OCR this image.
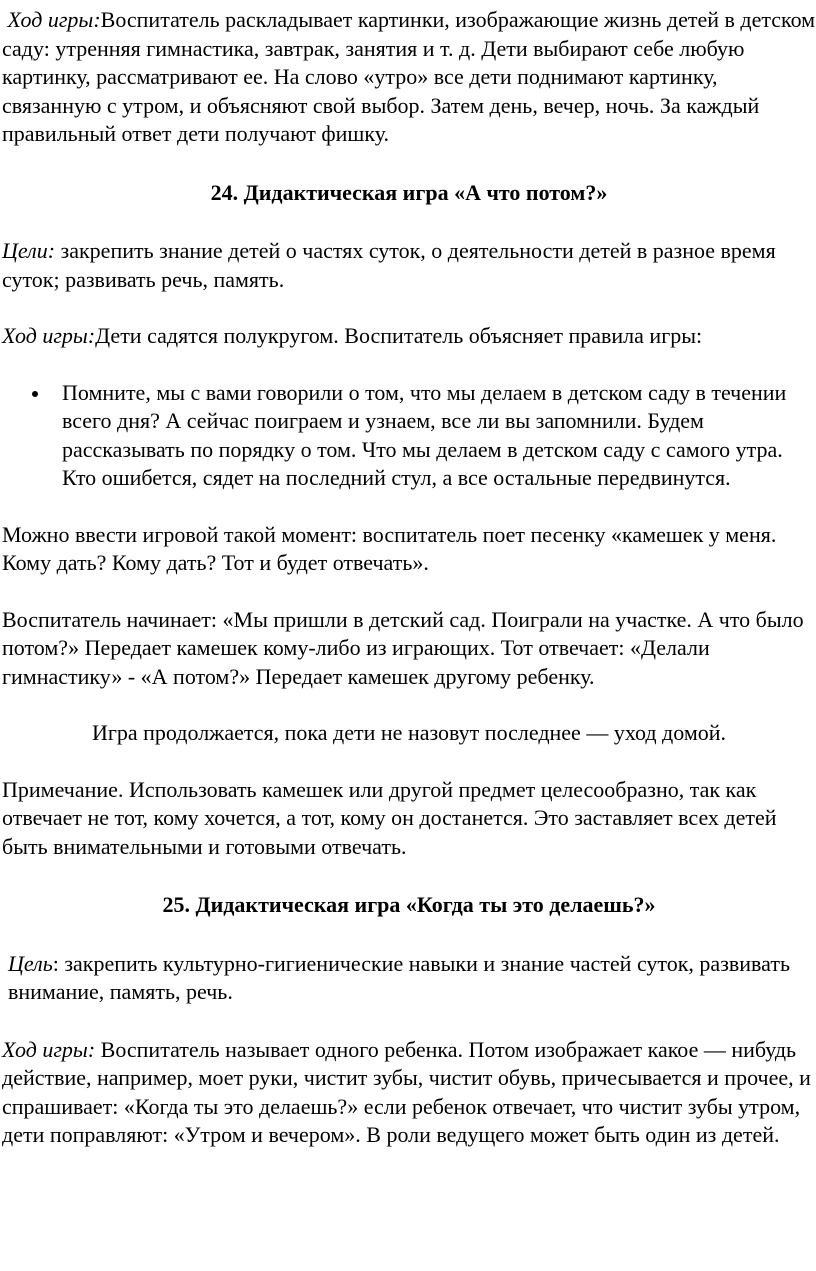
Ход игры:Воспитатель раскладывает картинки, изображающие жизнь детей в детском саду: утренняя гимнастика, завтрак, занятия и т. д. Дети выбирают себе любую картинку, рассматривают ее. На слово «утро» все дети поднимают картинку, связанную с утром, и объясняют свой выбор. Затем день, вечер, ночь. За каждый правильный ответ дети получают фишку.

24. Дидактическая игра «А что потом?»

Цели: закрепить знание детей о частях суток, о деятельности детей в разное время суток; развивать речь, память.

Ход игры:Дети садятся полукругом. Воспитатель объясняет правила игры:

Помните, мы с вами говорили о том, что мы делаем в детском саду в течении всего дня? А сейчас поиграем и узнаем, все ли вы запомнили. Будем рассказывать по порядку о том. Что мы делаем в детском саду с самого утра. Кто ошибется, сядет на последний стул, а все остальные передвинутся.

Можно ввести игровой такой момент: воспитатель поет песенку «камешек у меня. Кому дать? Кому дать? Тот и будет отвечать».

Воспитатель начинает: «Мы пришли в детский сад. Поиграли на участке. А что было потом?» Передает камешек кому-либо из играющих. Тот отвечает: «Делали гимнастику» - «А потом?» Передает камешек другому ребенку.

Игра продолжается, пока дети не назовут последнее — уход домой.

Примечание. Использовать камешек или другой предмет целесообразно, так как отвечает не тот, кому хочется, а тот, кому он достанется. Это заставляет всех детей быть внимательными и готовыми отвечать.

25. Дидактическая игра «Когда ты это делаешь?»

Цель: закрепить культурно-гигиенические навыки и знание частей суток, развивать внимание, память, речь.

Ход игры: Воспитатель называет одного ребенка. Потом изображает какое — нибудь действие, например, моет руки, чистит зубы, чистит обувь, причесывается и прочее, и спрашивает: «Когда ты это делаешь?» если ребенок отвечает, что чистит зубы утром, дети поправляют: «Утром и вечером». В роли ведущего может быть один из детей.
